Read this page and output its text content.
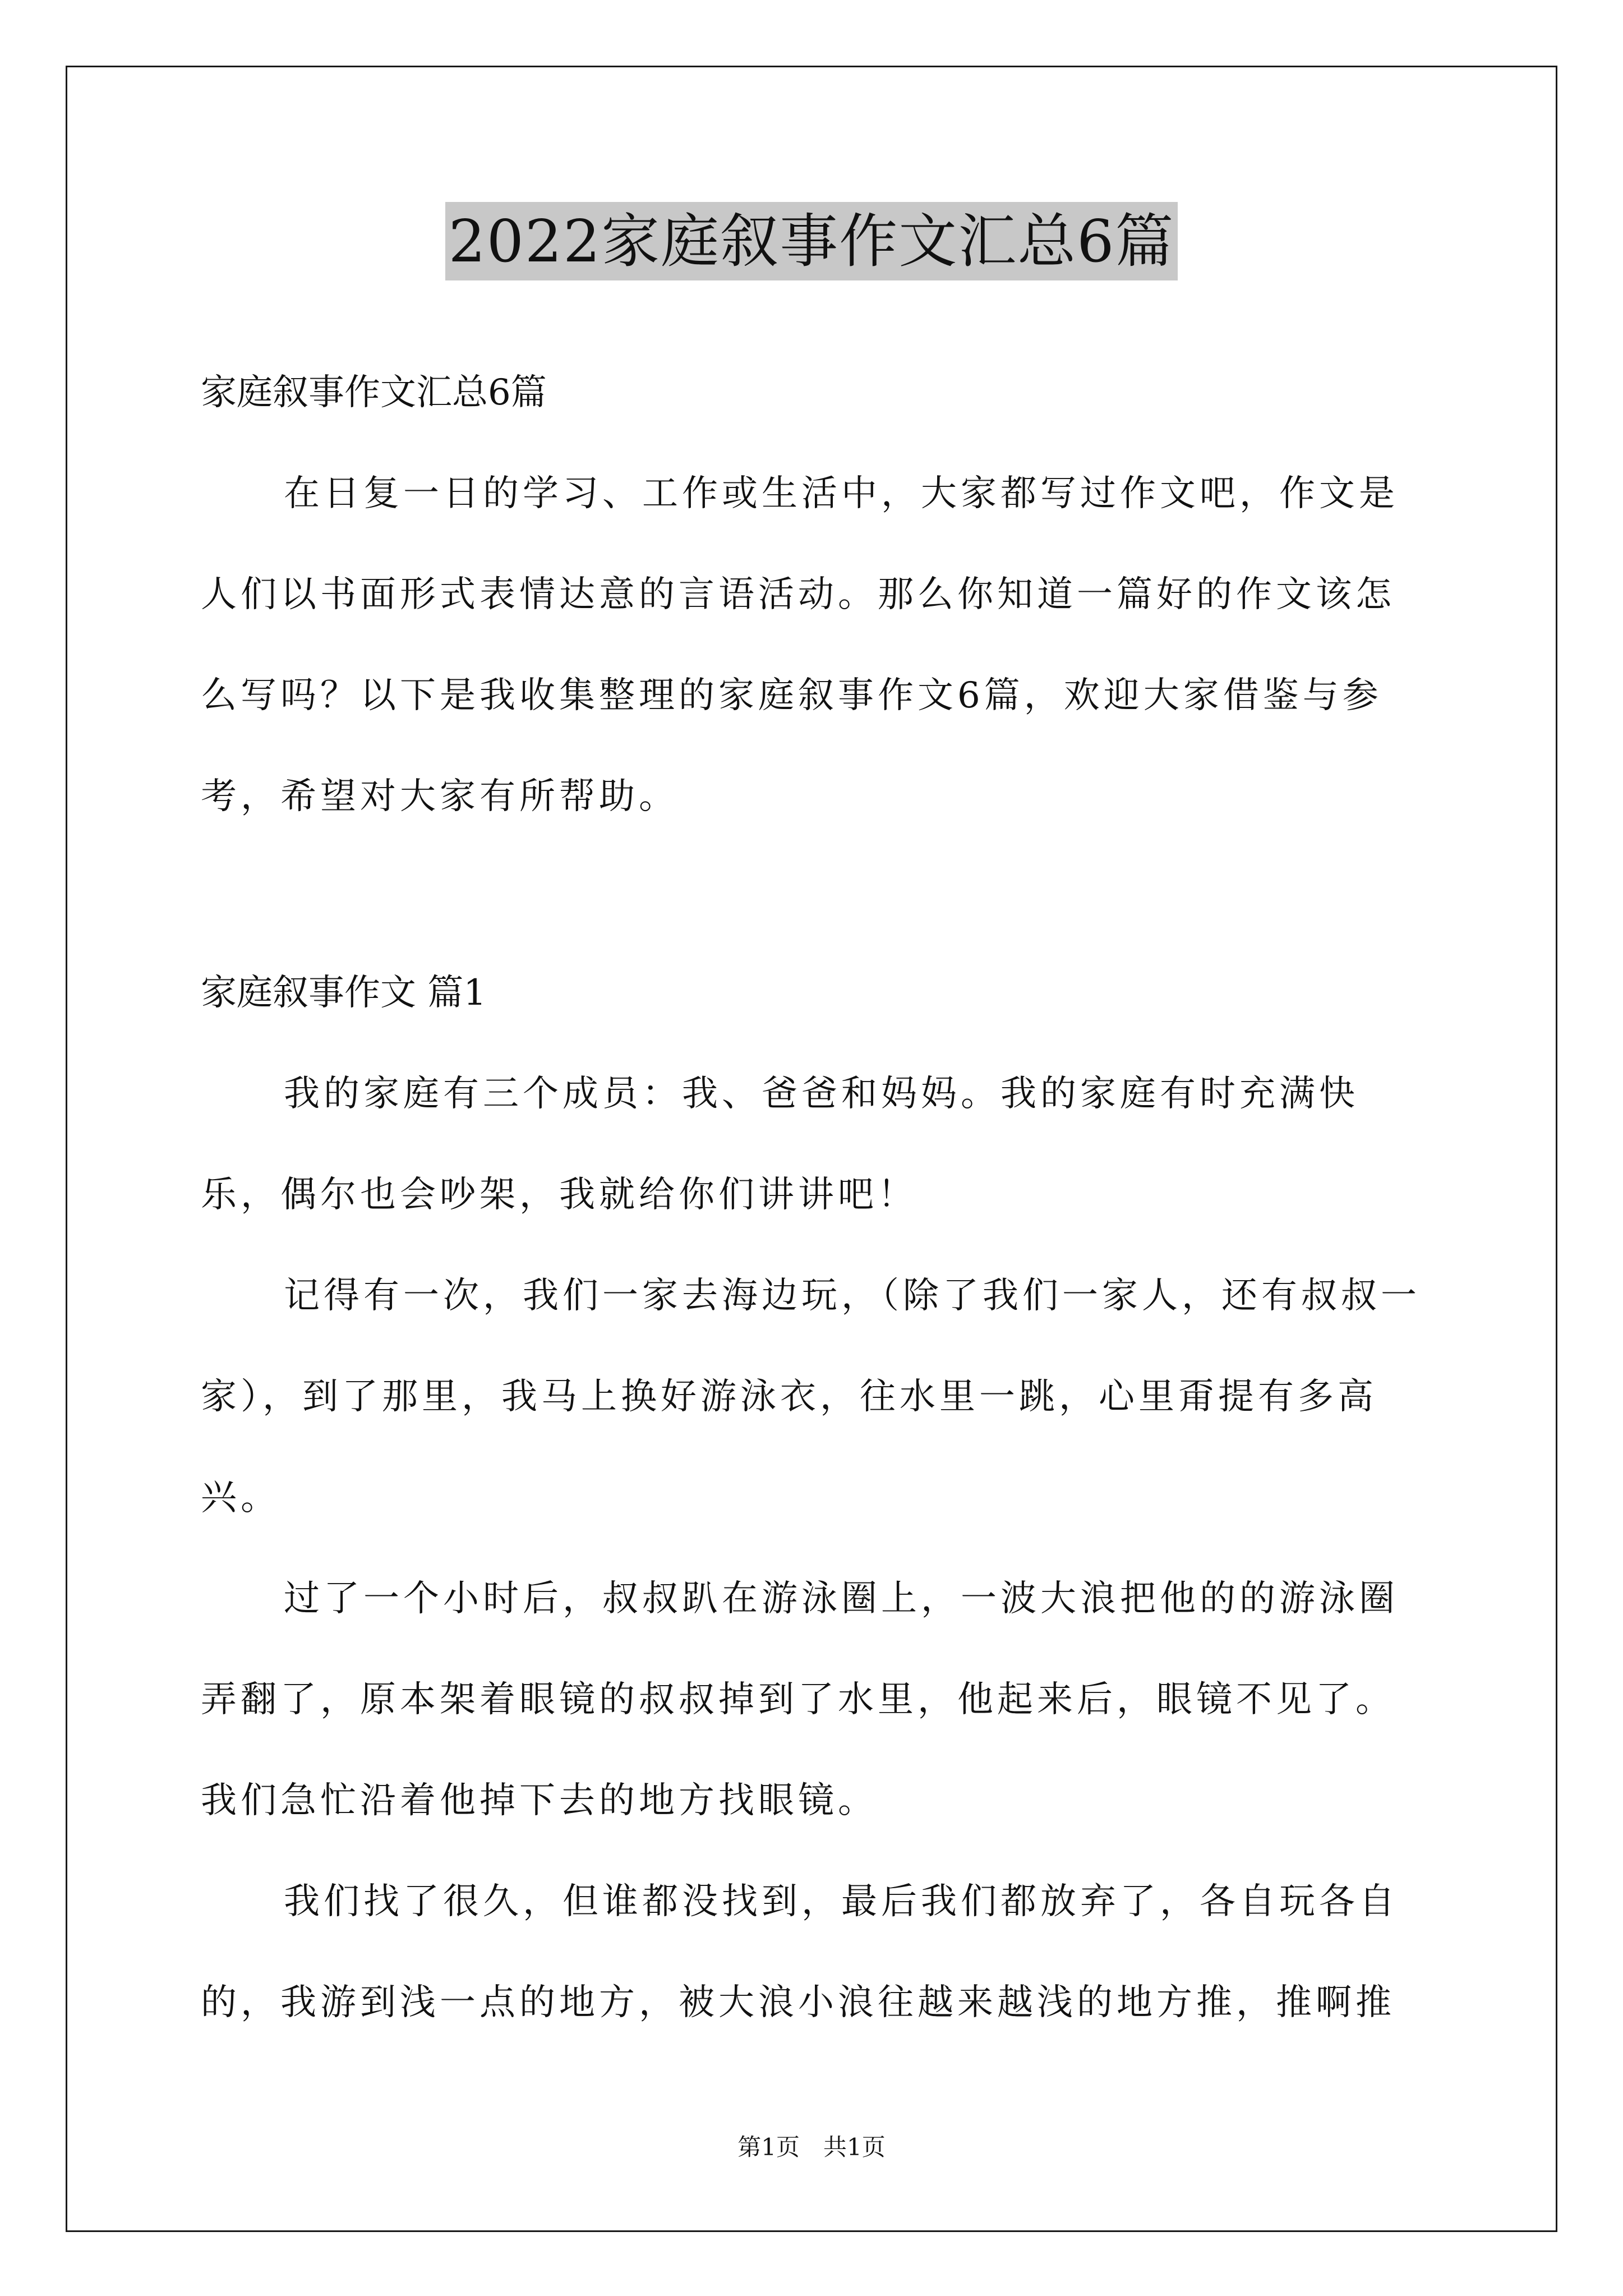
2022家庭叙事作文汇总6篇

家庭叙事作文汇总6篇

在日复一日的学习、工作或生活中，大家都写过作文吧，作文是人们以书面形式表情达意的言语活动。那么你知道一篇好的作文该怎么写吗？以下是我收集整理的家庭叙事作文6篇，欢迎大家借鉴与参考，希望对大家有所帮助。

家庭叙事作文 篇1

我的家庭有三个成员：我、爸爸和妈妈。我的家庭有时充满快乐，偶尔也会吵架，我就给你们讲讲吧！

记得有一次，我们一家去海边玩，（除了我们一家人，还有叔叔一家），到了那里，我马上换好游泳衣，往水里一跳，心里甭提有多高兴。

过了一个小时后，叔叔趴在游泳圈上，一波大浪把他的的游泳圈弄翻了，原本架着眼镜的叔叔掉到了水里，他起来后，眼镜不见了。我们急忙沿着他掉下去的地方找眼镜。

我们找了很久，但谁都没找到，最后我们都放弃了，各自玩各自的，我游到浅一点的地方，被大浪小浪往越来越浅的地方推，推啊推

第1页　共1页
